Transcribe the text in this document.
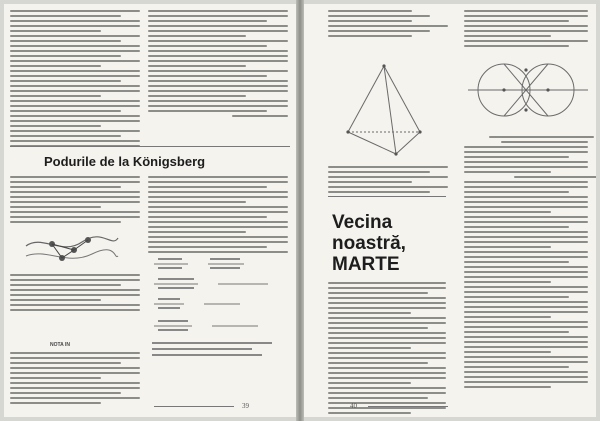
Podurile de la Königsberg
NOTA IN
39
Vecina
noastră,
MARTE
40
